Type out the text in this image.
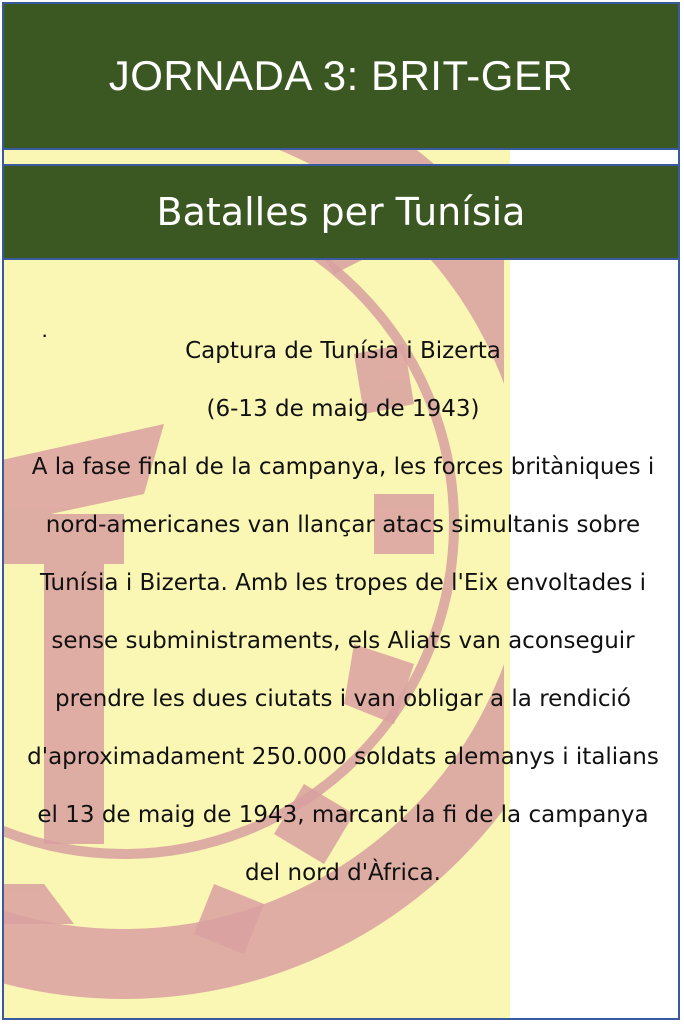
JORNADA 3: BRIT-GER
Batalles per Tunísia
·

Captura de Tunísia i Bizerta

(6-13 de maig de 1943)

A la fase final de la campanya, les forces britàniques i nord-americanes van llançar atacs simultanis sobre Tunísia i Bizerta. Amb les tropes de l'Eix envoltades i sense subministraments, els Aliats van aconseguir prendre les dues ciutats i van obligar a la rendició d'aproximadament 250.000 soldats alemanys i italians el 13 de maig de 1943, marcant la fi de la campanya del nord d'Àfrica.
